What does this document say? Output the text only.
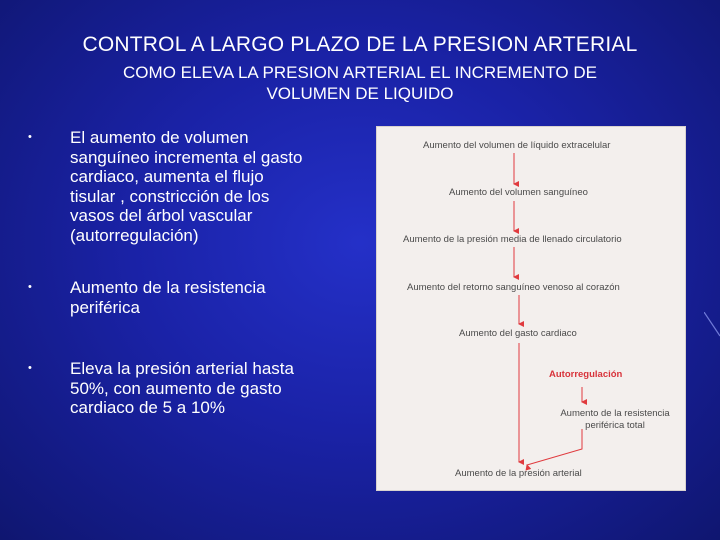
CONTROL A LARGO PLAZO DE LA PRESION ARTERIAL
COMO ELEVA LA PRESION ARTERIAL EL INCREMENTO DE
VOLUMEN DE LIQUIDO
• El aumento de volumen
sanguíneo incrementa el gasto
cardiaco, aumenta el flujo
tisular , constricción de los
vasos del árbol vascular
(autorregulación)
• Aumento de la resistencia
periférica
• Eleva la presión arterial hasta
50%, con aumento de gasto
cardiaco de 5 a 10%
Aumento del volumen de líquido extracelular
Aumento del volumen sanguíneo
Aumento de la presión media de llenado circulatorio
Aumento del retorno sanguíneo venoso al corazón
Aumento del gasto cardiaco
Autorregulación
Aumento de la resistencia
periférica total
Aumento de la presión arterial
